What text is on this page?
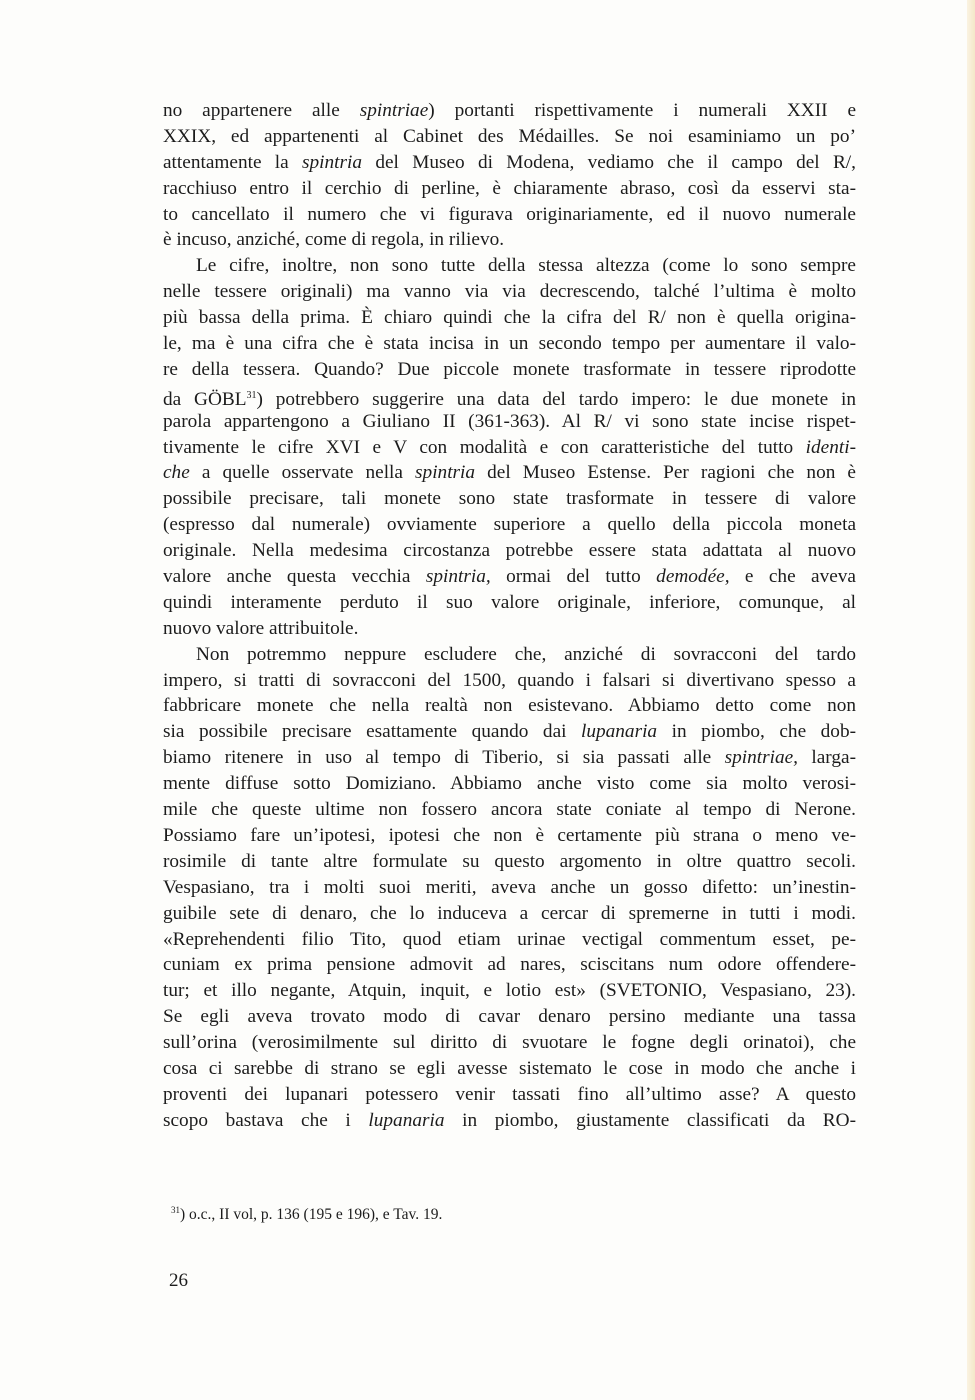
no appartenere alle spintriae) portanti rispettivamente i numerali XXII e
XXIX, ed appartenenti al Cabinet des Médailles. Se noi esaminiamo un po’
attentamente la spintria del Museo di Modena, vediamo che il campo del R/,
racchiuso entro il cerchio di perline, è chiaramente abraso, così da esservi sta-
to cancellato il numero che vi figurava originariamente, ed il nuovo numerale
è incuso, anziché, come di regola, in rilievo.
Le cifre, inoltre, non sono tutte della stessa altezza (come lo sono sempre
nelle tessere originali) ma vanno via via decrescendo, talché l’ultima è molto
più bassa della prima. È chiaro quindi che la cifra del R/ non è quella origina-
le, ma è una cifra che è stata incisa in un secondo tempo per aumentare il valo-
re della tessera. Quando? Due piccole monete trasformate in tessere riprodotte
da GÖBL$^{31}$) potrebbero suggerire una data del tardo impero: le due monete in
parola appartengono a Giuliano II (361-363). Al R/ vi sono state incise rispet-
tivamente le cifre XVI e V con modalità e con caratteristiche del tutto identi-
che a quelle osservate nella spintria del Museo Estense. Per ragioni che non è
possibile precisare, tali monete sono state trasformate in tessere di valore
(espresso dal numerale) ovviamente superiore a quello della piccola moneta
originale. Nella medesima circostanza potrebbe essere stata adattata al nuovo
valore anche questa vecchia spintria, ormai del tutto demodée, e che aveva
quindi interamente perduto il suo valore originale, inferiore, comunque, al
nuovo valore attribuitole.
Non potremmo neppure escludere che, anziché di sovracconi del tardo
impero, si tratti di sovracconi del 1500, quando i falsari si divertivano spesso a
fabbricare monete che nella realtà non esistevano. Abbiamo detto come non
sia possibile precisare esattamente quando dai lupanaria in piombo, che dob-
biamo ritenere in uso al tempo di Tiberio, si sia passati alle spintriae, larga-
mente diffuse sotto Domiziano. Abbiamo anche visto come sia molto verosi-
mile che queste ultime non fossero ancora state coniate al tempo di Nerone.
Possiamo fare un’ipotesi, ipotesi che non è certamente più strana o meno ve-
rosimile di tante altre formulate su questo argomento in oltre quattro secoli.
Vespasiano, tra i molti suoi meriti, aveva anche un gosso difetto: un’inestin-
guibile sete di denaro, che lo induceva a cercar di spremerne in tutti i modi.
«Reprehendenti filio Tito, quod etiam urinae vectigal commentum esset, pe-
cuniam ex prima pensione admovit ad nares, sciscitans num odore offendere-
tur; et illo negante, Atquin, inquit, e lotio est» (SVETONIO, Vespasiano, 23).
Se egli aveva trovato modo di cavar denaro persino mediante una tassa
sull’orina (verosimilmente sul diritto di svuotare le fogne degli orinatoi), che
cosa ci sarebbe di strano se egli avesse sistemato le cose in modo che anche i
proventi dei lupanari potessero venir tassati fino all’ultimo asse? A questo
scopo bastava che i lupanaria in piombo, giustamente classificati da RO-
$^{31}$) o.c., II vol, p. 136 (195 e 196), e Tav. 19.
26
